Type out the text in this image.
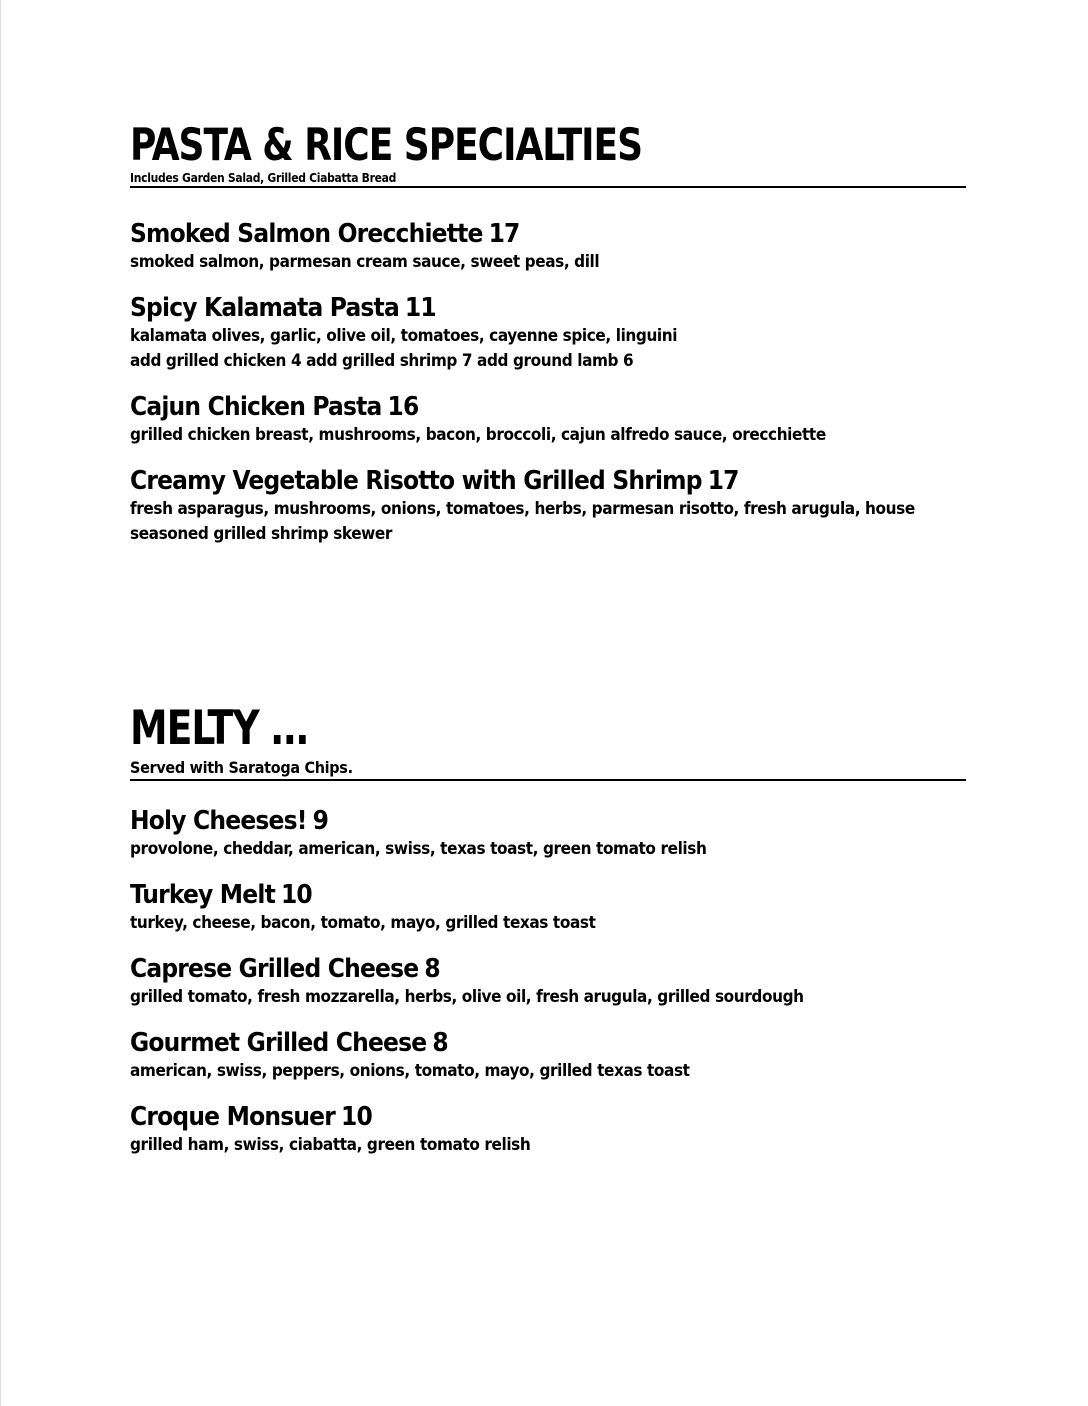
PASTA & RICE SPECIALTIES

Includes Garden Salad, Grilled Ciabatta Bread

Smoked Salmon Orecchiette 17

smoked salmon, parmesan cream sauce, sweet peas, dill

Spicy Kalamata Pasta 11

kalamata olives, garlic, olive oil, tomatoes, cayenne spice, linguini

add grilled chicken 4 add grilled shrimp 7 add ground lamb 6

Cajun Chicken Pasta 16

grilled chicken breast, mushrooms, bacon, broccoli, cajun alfredo sauce, orecchiette

Creamy Vegetable Risotto with Grilled Shrimp 17

fresh asparagus, mushrooms, onions, tomatoes, herbs, parmesan risotto, fresh arugula, house seasoned grilled shrimp skewer

MELTY …

Served with Saratoga Chips.

Holy Cheeses! 9

provolone, cheddar, american, swiss, texas toast, green tomato relish

Turkey Melt 10

turkey, cheese, bacon, tomato, mayo, grilled texas toast

Caprese Grilled Cheese 8

grilled tomato, fresh mozzarella, herbs, olive oil, fresh arugula, grilled sourdough

Gourmet Grilled Cheese 8

american, swiss, peppers, onions, tomato, mayo, grilled texas toast

Croque Monsuer 10

grilled ham, swiss, ciabatta, green tomato relish
